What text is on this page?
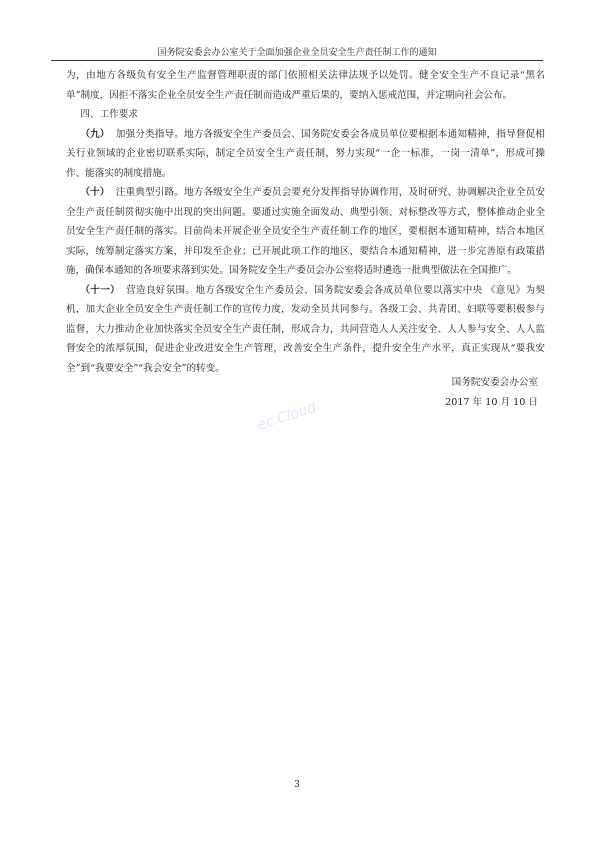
国务院安委会办公室关于全面加强企业全员安全生产责任制工作的通知

为，由地方各级负有安全生产监督管理职责的部门依照相关法律法规予以处罚。健全安全生产不良记录“黑名单”制度，因拒不落实企业全员安全生产责任制而造成严重后果的，要纳入惩戒范围，并定期向社会公布。

四、工作要求

（九） 加强分类指导。地方各级安全生产委员会、国务院安委会各成员单位要根据本通知精神，指导督促相关行业领域的企业密切联系实际，制定全员安全生产责任制，努力实现“一企一标准，一岗一清单”，形成可操作、能落实的制度措施。

（十） 注重典型引路。地方各级安全生产委员会要充分发挥指导协调作用，及时研究、协调解决企业全员安全生产责任制贯彻实施中出现的突出问题。要通过实施全面发动、典型引领、对标整改等方式，整体推动企业全员安全生产责任制的落实。目前尚未开展企业全员安全生产责任制工作的地区，要根据本通知精神，结合本地区实际，统筹制定落实方案，并印发至企业；已开展此项工作的地区，要结合本通知精神，进一步完善原有政策措施，确保本通知的各项要求落到实处。国务院安全生产委员会办公室将适时遴选一批典型做法在全国推广。

（十一） 营造良好氛围。地方各级安全生产委员会、国务院安委会各成员单位要以落实中央 《意见》为契机，加大企业全员安全生产责任制工作的宣传力度，发动全员共同参与。各级工会、共青团、妇联等要积极参与监督，大力推动企业加快落实全员安全生产责任制，形成合力，共同营造人人关注安全、人人参与安全、人人监督安全的浓厚氛围，促进企业改进安全生产管理，改善安全生产条件，提升安全生产水平，真正实现从“要我安全”到“我要安全”“我会安全”的转变。

国务院安委会办公室
2017 年 10 月 10 日
3
ec Cloud
